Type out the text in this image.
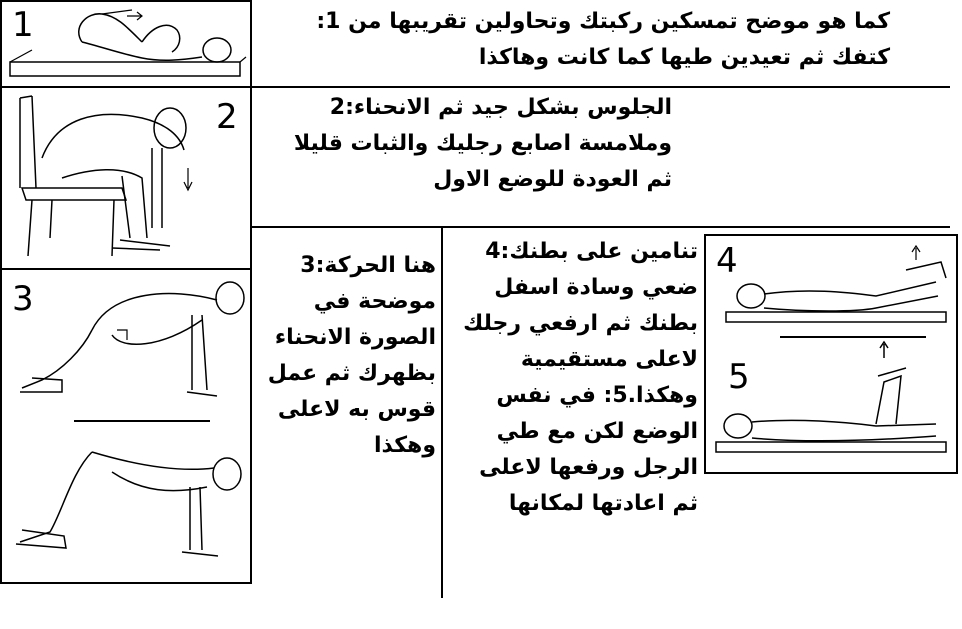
1
2
3
4
5
كما هو موضح تمسكين ركبتك وتحاولين تقريبها من 1:
كتفك ثم تعيدين طيها كما كانت وهاكذا
الجلوس بشكل جيد ثم الانحناء:2
وملامسة اصابع رجليك والثبات قليلا
ثم العودة للوضع الاول
هنا الحركة:3
موضحة في
الصورة الانحناء
بظهرك ثم عمل
قوس به لاعلى
وهكذا
تنامين على بطنك:4
ضعي وسادة اسفل
بطنك ثم ارفعي رجلك
لاعلى مستقيمية
وهكذا.5: في نفس
الوضع لكن مع طي
الرجل ورفعها لاعلى
ثم اعادتها لمكانها
